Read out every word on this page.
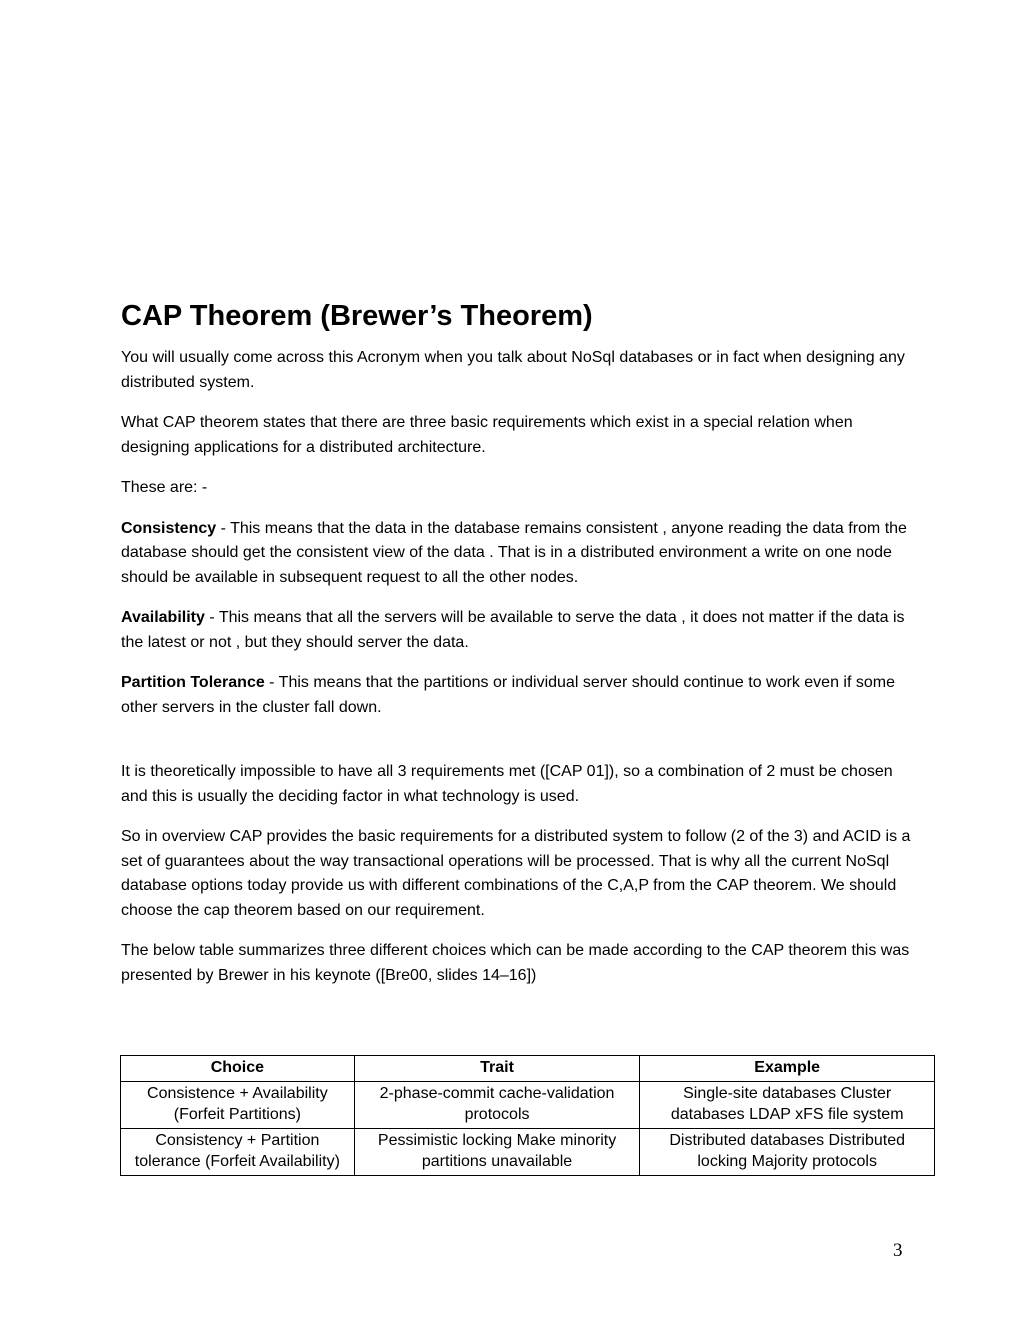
CAP Theorem (Brewer’s Theorem)

You will usually come across this Acronym when you talk about NoSql databases or in fact when designing any distributed system.

What CAP theorem states that there are three basic requirements which exist in a special relation when designing applications for a distributed architecture.

These are: -

Consistency - This means that the data in the database remains consistent , anyone reading the data from the database should get the consistent view of the data . That is in a distributed environment a write on one node should be available in subsequent request to all the other nodes.

Availability - This means that all the servers will be available to serve the data , it does not matter if the data is the latest or not , but they should server the data.

Partition Tolerance - This means that the partitions or individual server should continue to work even if some other servers in the cluster fall down.

It is theoretically impossible to have all 3 requirements met ([CAP 01]), so a combination of 2 must be chosen and this is usually the deciding factor in what technology is used.

So in overview CAP provides the basic requirements for a distributed system to follow (2 of the 3) and ACID is a set of guarantees about the way transactional operations will be processed. That is why all the current NoSql database options today provide us with different combinations of the C,A,P from the CAP theorem. We should choose the cap theorem based on our requirement.

The below table summarizes three different choices which can be made according to the CAP theorem this was presented by Brewer in his keynote ([Bre00, slides 14–16])

Choice	Trait	Example
Consistence + Availability (Forfeit Partitions)	2-phase-commit cache-validation protocols	Single-site databases Cluster databases LDAP xFS file system
Consistency + Partition tolerance (Forfeit Availability)	Pessimistic locking Make minority partitions unavailable	Distributed databases Distributed locking Majority protocols
3
